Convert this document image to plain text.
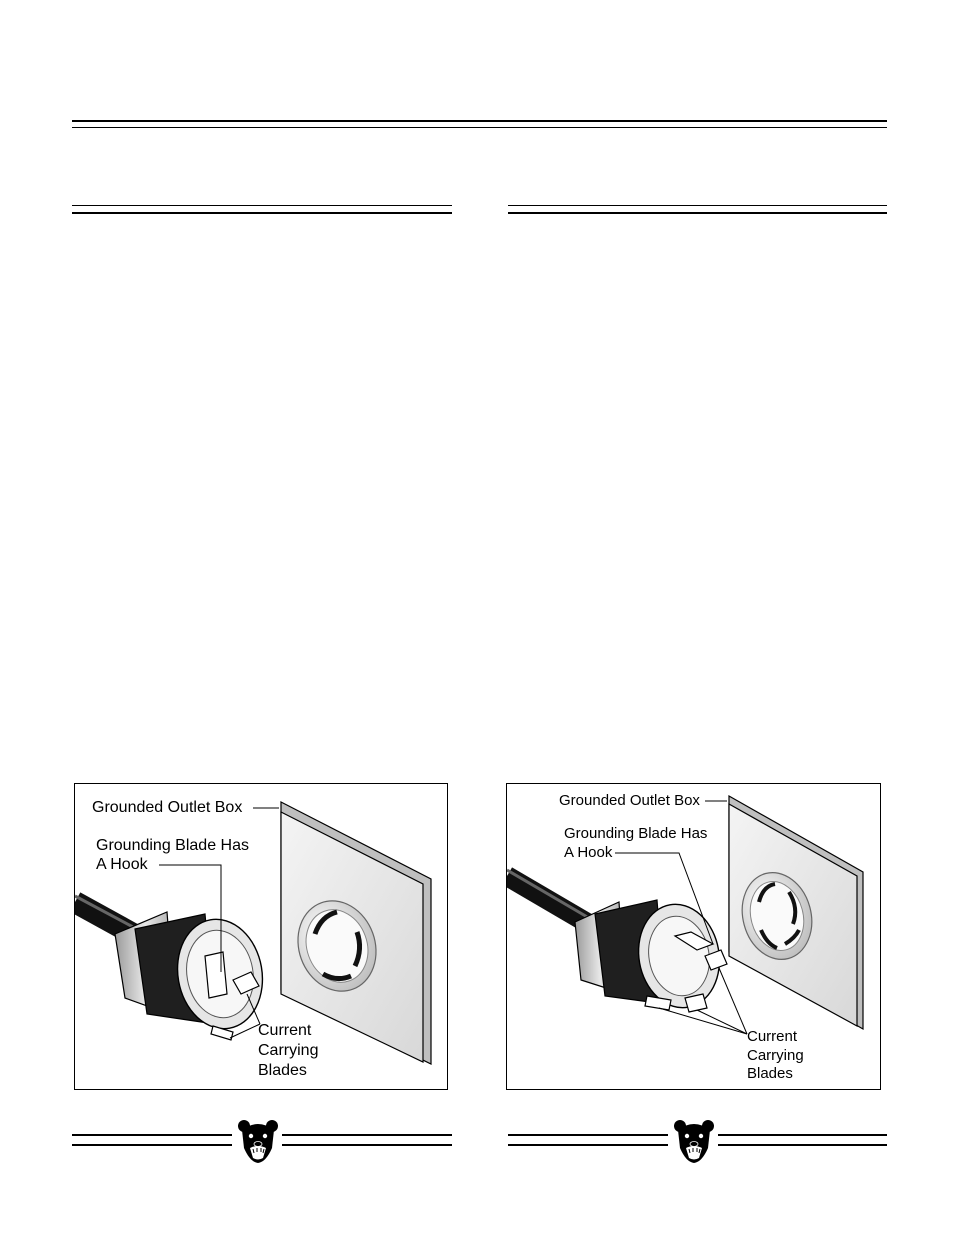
Grounded Outlet Box
Grounding Blade Has
A Hook
Current
Carrying
Blades
Grounded Outlet Box
Grounding Blade Has
A Hook
Current
Carrying
Blades
